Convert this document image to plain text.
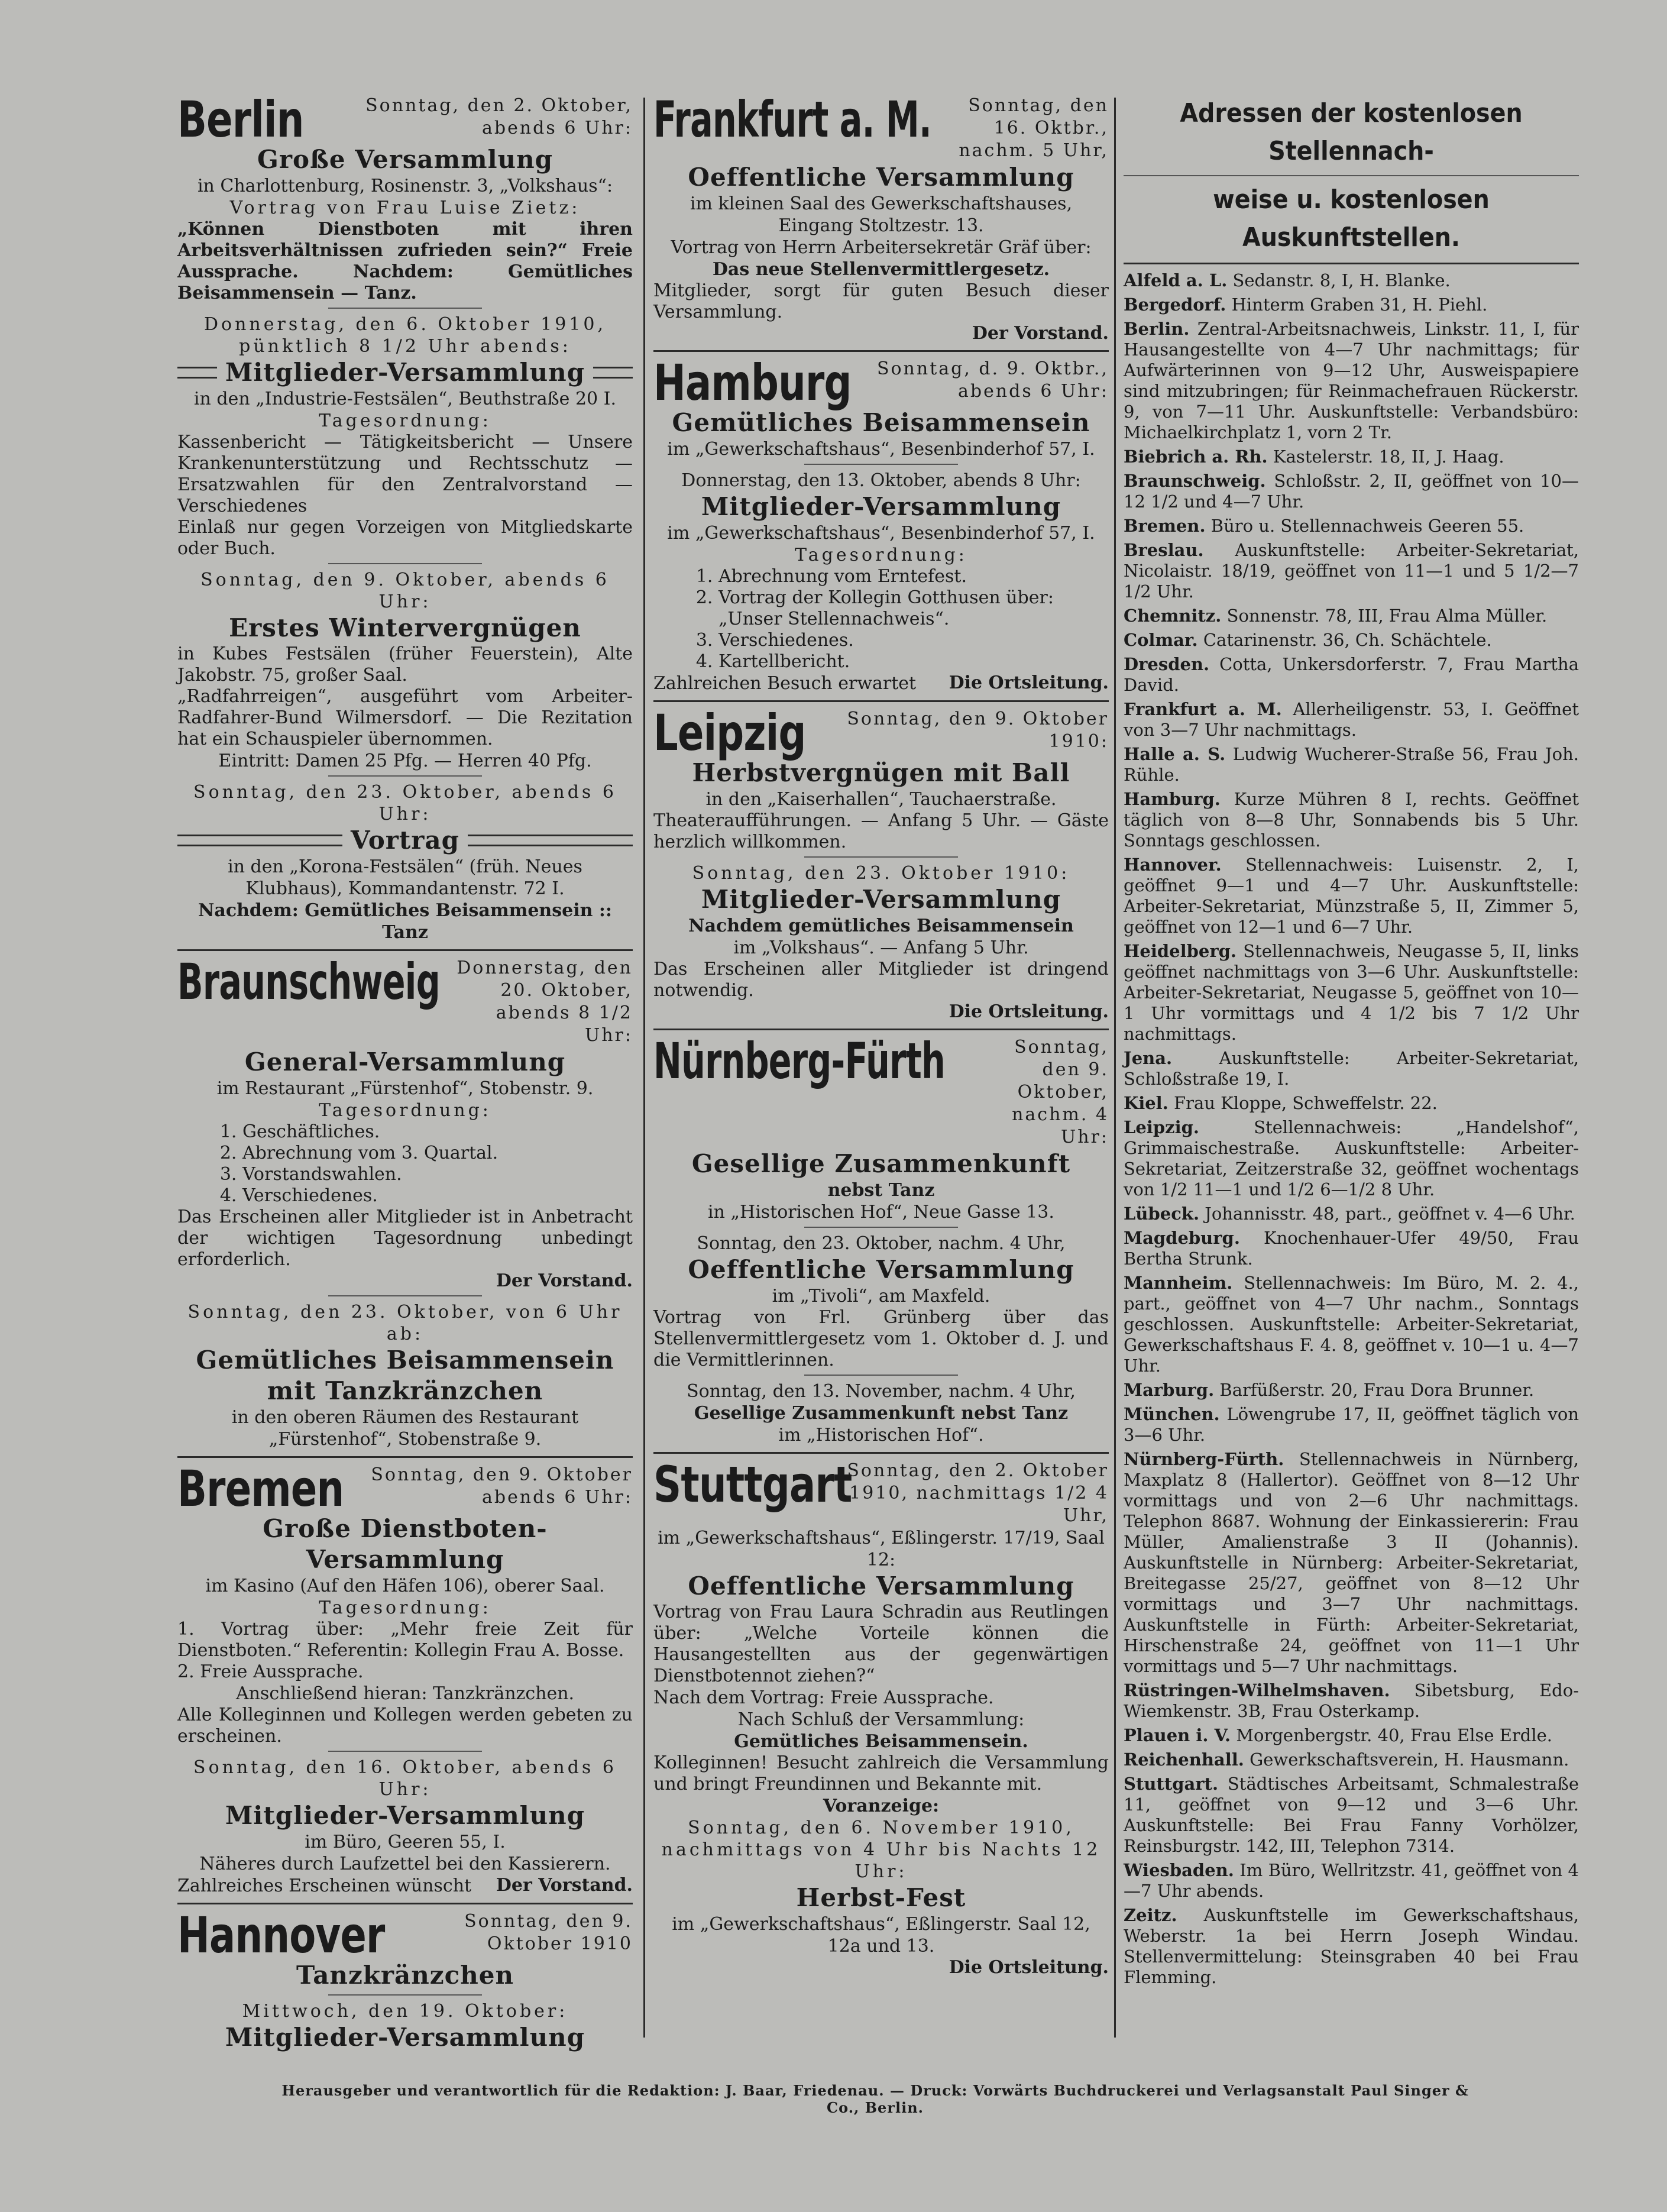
Berlin	Sonntag, den 2. Oktober, abends 6 Uhr:
Große Versammlung
in Charlottenburg, Rosinenstr. 3, „Volkshaus“:
Vortrag von Frau Luise Zietz:
„Können Dienstboten mit ihren Arbeitsverhältnissen zufrieden sein?“ Freie Aussprache. Nachdem: Gemütliches Beisammensein — Tanz.
Donnerstag, den 6. Oktober 1910, pünktlich 8 1/2 Uhr abends:
Mitglieder-Versammlung
in den „Industrie-Festsälen“, Beuthstraße 20 I.
Tagesordnung:
Kassenbericht — Tätigkeitsbericht — Unsere Krankenunterstützung und Rechtsschutz — Ersatzwahlen für den Zentralvorstand — Verschiedenes
Einlaß nur gegen Vorzeigen von Mitgliedskarte oder Buch.
Sonntag, den 9. Oktober, abends 6 Uhr:
Erstes Wintervergnügen
in Kubes Festsälen (früher Feuerstein), Alte Jakobstr. 75, großer Saal.
„Radfahrreigen“, ausgeführt vom Arbeiter-Radfahrer-Bund Wilmersdorf. — Die Rezitation hat ein Schauspieler übernommen.
Eintritt: Damen 25 Pfg. — Herren 40 Pfg.
Sonntag, den 23. Oktober, abends 6 Uhr:
Vortrag
in den „Korona-Festsälen“ (früh. Neues Klubhaus), Kommandantenstr. 72 I.
Nachdem: Gemütliches Beisammensein :: Tanz
Braunschweig Donnerstag, den 20. Oktober, abends 8 1/2 Uhr:
General-Versammlung
im Restaurant „Fürstenhof“, Stobenstr. 9.
Tagesordnung:
1. Geschäftliches.
2. Abrechnung vom 3. Quartal.
3. Vorstandswahlen.
4. Verschiedenes.
Das Erscheinen aller Mitglieder ist in Anbetracht der wichtigen Tagesordnung unbedingt erforderlich.
Der Vorstand.
Sonntag, den 23. Oktober, von 6 Uhr ab:
Gemütliches Beisammensein
mit Tanzkränzchen
in den oberen Räumen des Restaurant „Fürstenhof“, Stobenstraße 9.
Bremen	Sonntag, den 9. Oktober abends 6 Uhr:
Große Dienstboten-Versammlung
im Kasino (Auf den Häfen 106), oberer Saal.
Tagesordnung:
1. Vortrag über: „Mehr freie Zeit für Dienstboten.“ Referentin: Kollegin Frau A. Bosse.
2. Freie Aussprache.
Anschließend hieran: Tanzkränzchen.
Alle Kolleginnen und Kollegen werden gebeten zu erscheinen.
Sonntag, den 16. Oktober, abends 6 Uhr:
Mitglieder-Versammlung
im Büro, Geeren 55, I.
Näheres durch Laufzettel bei den Kassierern.
Zahlreiches Erscheinen wünscht Der Vorstand.
Hannover	Sonntag, den 9. Oktober 1910
Tanzkränzchen
Mittwoch, den 19. Oktober:
Mitglieder-Versammlung
Frankfurt a. M.	Sonntag, den 16. Oktbr., nachm. 5 Uhr,
Oeffentliche Versammlung
im kleinen Saal des Gewerkschaftshauses, Eingang Stoltzestr. 13.
Vortrag von Herrn Arbeitersekretär Gräf über:
Das neue Stellenvermittlergesetz.
Mitglieder, sorgt für guten Besuch dieser Versammlung.
Der Vorstand.
Hamburg	Sonntag, d. 9. Oktbr., abends 6 Uhr:
Gemütliches Beisammensein
im „Gewerkschaftshaus“, Besenbinderhof 57, I.
Donnerstag, den 13. Oktober, abends 8 Uhr:
Mitglieder-Versammlung
im „Gewerkschaftshaus“, Besenbinderhof 57, I.
Tagesordnung:
1. Abrechnung vom Erntefest.
2. Vortrag der Kollegin Gotthusen über: „Unser Stellennachweis“.
3. Verschiedenes.
4. Kartellbericht.
Zahlreichen Besuch erwartet Die Ortsleitung.
Leipzig	Sonntag, den 9. Oktober 1910:
Herbstvergnügen mit Ball
in den „Kaiserhallen“, Tauchaerstraße.
Theateraufführungen. — Anfang 5 Uhr. — Gäste herzlich willkommen.
Sonntag, den 23. Oktober 1910:
Mitglieder-Versammlung
Nachdem gemütliches Beisammensein
im „Volkshaus“. — Anfang 5 Uhr.
Das Erscheinen aller Mitglieder ist dringend notwendig.
Die Ortsleitung.
Nürnberg-Fürth	Sonntag, den 9. Oktober, nachm. 4 Uhr:
Gesellige Zusammenkunft
nebst Tanz
in „Historischen Hof“, Neue Gasse 13.
Sonntag, den 23. Oktober, nachm. 4 Uhr,
Oeffentliche Versammlung
im „Tivoli“, am Maxfeld.
Vortrag von Frl. Grünberg über das Stellenvermittlergesetz vom 1. Oktober d. J. und die Vermittlerinnen.
Sonntag, den 13. November, nachm. 4 Uhr,
Gesellige Zusammenkunft nebst Tanz
im „Historischen Hof“.
Stuttgart
Sonntag, den 2. Oktober 1910, nachmittags 1/2 4 Uhr,
im „Gewerkschaftshaus“, Eßlingerstr. 17/19, Saal 12:
Oeffentliche Versammlung
Vortrag von Frau Laura Schradin aus Reutlingen über: „Welche Vorteile können die Hausangestellten aus der gegenwärtigen Dienstbotennot ziehen?“
Nach dem Vortrag: Freie Aussprache.
Nach Schluß der Versammlung:
Gemütliches Beisammensein.
Kolleginnen! Besucht zahlreich die Versammlung und bringt Freundinnen und Bekannte mit.
Voranzeige:
Sonntag, den 6. November 1910, nachmittags von 4 Uhr bis Nachts 12 Uhr:
Herbst-Fest
im „Gewerkschaftshaus“, Eßlingerstr. Saal 12, 12a und 13.
Die Ortsleitung.
Adressen der kostenlosen Stellennach-
weise u. kostenlosen Auskunftstellen.
Alfeld a. L. Sedanstr. 8, I, H. Blanke.
Bergedorf. Hinterm Graben 31, H. Piehl.
Berlin. Zentral-Arbeitsnachweis, Linkstr. 11, I, für Hausangestellte von 4—7 Uhr nachmittags; für Aufwärterinnen von 9—12 Uhr, Ausweispapiere sind mitzubringen; für Reinmachefrauen Rückerstr. 9, von 7—11 Uhr. Auskunftstelle: Verbandsbüro: Michaelkirchplatz 1, vorn 2 Tr.
Biebrich a. Rh. Kastelerstr. 18, II, J. Haag.
Braunschweig. Schloßstr. 2, II, geöffnet von 10—12 1/2 und 4—7 Uhr.
Bremen. Büro u. Stellennachweis Geeren 55.
Breslau. Auskunftstelle: Arbeiter-Sekretariat, Nicolaistr. 18/19, geöffnet von 11—1 und 5 1/2—7 1/2 Uhr.
Chemnitz. Sonnenstr. 78, III, Frau Alma Müller.
Colmar. Catarinenstr. 36, Ch. Schächtele.
Dresden. Cotta, Unkersdorferstr. 7, Frau Martha David.
Frankfurt a. M. Allerheiligenstr. 53, I. Geöffnet von 3—7 Uhr nachmittags.
Halle a. S. Ludwig Wucherer-Straße 56, Frau Joh. Rühle.
Hamburg. Kurze Mühren 8 I, rechts. Geöffnet täglich von 8—8 Uhr, Sonnabends bis 5 Uhr. Sonntags geschlossen.
Hannover. Stellennachweis: Luisenstr. 2, I, geöffnet 9—1 und 4—7 Uhr. Auskunftstelle: Arbeiter-Sekretariat, Münzstraße 5, II, Zimmer 5, geöffnet von 12—1 und 6—7 Uhr.
Heidelberg. Stellennachweis, Neugasse 5, II, links geöffnet nachmittags von 3—6 Uhr. Auskunftstelle: Arbeiter-Sekretariat, Neugasse 5, geöffnet von 10—1 Uhr vormittags und 4 1/2 bis 7 1/2 Uhr nachmittags.
Jena.	Auskunftstelle: Arbeiter-Sekretariat, Schloßstraße 19, I.
Kiel. Frau Kloppe, Schweffelstr. 22.
Leipzig.	Stellennachweis: „Handelshof“, Grimmaischestraße. Auskunftstelle: Arbeiter-Sekretariat, Zeitzerstraße 32, geöffnet wochentags von 1/2 11—1 und 1/2 6—1/2 8 Uhr.
Lübeck. Johannisstr. 48, part., geöffnet v. 4—6 Uhr.
Magdeburg. Knochenhauer-Ufer 49/50, Frau Bertha Strunk.
Mannheim. Stellennachweis: Im Büro, M. 2. 4., part., geöffnet von 4—7 Uhr nachm., Sonntags geschlossen. Auskunftstelle: Arbeiter-Sekretariat, Gewerkschaftshaus F. 4. 8, geöffnet v. 10—1 u. 4—7 Uhr.
Marburg. Barfüßerstr. 20, Frau Dora Brunner.
München. Löwengrube 17, II, geöffnet täglich von 3—6 Uhr.
Nürnberg-Fürth. Stellennachweis in Nürnberg, Maxplatz 8 (Hallertor). Geöffnet von 8—12 Uhr vormittags und von 2—6 Uhr nachmittags. Telephon 8687. Wohnung der Einkassiererin: Frau Müller, Amalienstraße 3 II (Johannis). Auskunftstelle in Nürnberg: Arbeiter-Sekretariat, Breitegasse 25/27, geöffnet von 8—12 Uhr vormittags und 3—7 Uhr nachmittags. Auskunftstelle in Fürth: Arbeiter-Sekretariat, Hirschenstraße 24, geöffnet von 11—1 Uhr vormittags und 5—7 Uhr nachmittags.
Rüstringen-Wilhelmshaven. Sibetsburg, Edo-Wiemkenstr. 3B, Frau Osterkamp.
Plauen i. V. Morgenbergstr. 40, Frau Else Erdle.
Reichenhall. Gewerkschaftsverein, H. Hausmann.
Stuttgart. Städtisches Arbeitsamt, Schmalestraße 11, geöffnet von 9—12 und 3—6 Uhr. Auskunftstelle: Bei Frau Fanny Vorhölzer, Reinsburgstr. 142, III, Telephon 7314.
Wiesbaden. Im Büro, Wellritzstr. 41, geöffnet von 4—7 Uhr abends.
Zeitz. Auskunftstelle im Gewerkschaftshaus, Weberstr. 1a bei Herrn Joseph Windau. Stellenvermittelung: Steinsgraben 40 bei Frau Flemming.
Herausgeber und verantwortlich für die Redaktion: J. Baar, Friedenau. — Druck: Vorwärts Buchdruckerei und Verlagsanstalt Paul Singer & Co., Berlin.
